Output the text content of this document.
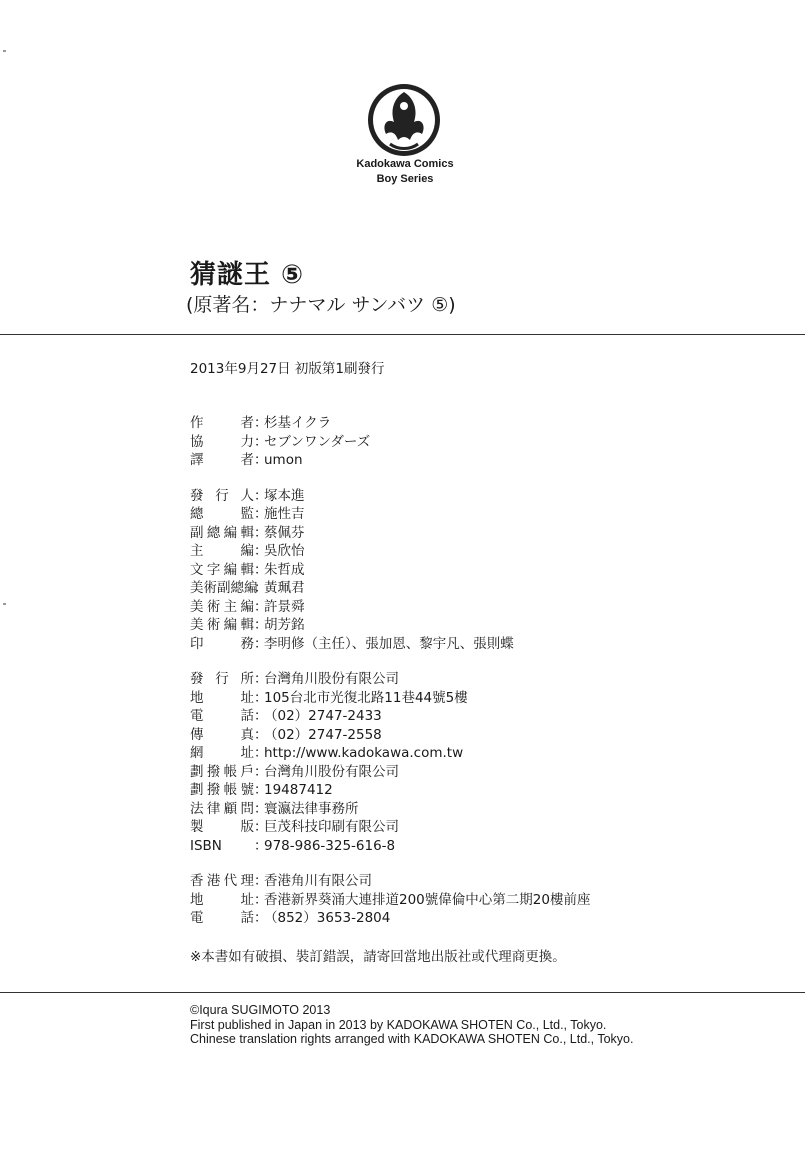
Kadokawa Comics
Boy Series
猜謎王 ⑤
(原著名：ナナマル サンバツ ⑤)
2013年9月27日 初版第1刷發行
作者 ：
杉基イクラ
協力 ：
セブンワンダーズ
譯者 ：
umon
發行人 ：
塚本進
總監 ：
施性吉
副總編輯 ：
蔡佩芬
主編 ：
吳欣怡
文字編輯 ：
朱哲成
美術副總編
：
黃珮君
美術主編 ：
許景舜
美術編輯 ：
胡芳銘
印務 ：
李明修（主任）、張加恩、黎宇凡、張則蝶
發行所 ：
台灣角川股份有限公司
地址 ：
105台北市光復北路11巷44號5樓
電話 ：
（02）2747-2433
傳真 ：
（02）2747-2558
網址 ：
http://www.kadokawa.com.tw
劃撥帳戶 ：
台灣角川股份有限公司
劃撥帳號 ：
19487412
法律顧問 ：
寰瀛法律事務所
製版 ：
巨茂科技印刷有限公司
ISBN	：
978-986-325-616-8
香港代理 ：
香港角川有限公司
地址 ：
香港新界葵涌大連排道200號偉倫中心第二期20樓前座
電話 ：
（852）3653-2804
※本書如有破損、裝訂錯誤，請寄回當地出版社或代理商更換。
©Iqura SUGIMOTO 2013
First published in Japan in 2013 by KADOKAWA SHOTEN Co., Ltd., Tokyo.
Chinese translation rights arranged with KADOKAWA SHOTEN Co., Ltd., Tokyo.
